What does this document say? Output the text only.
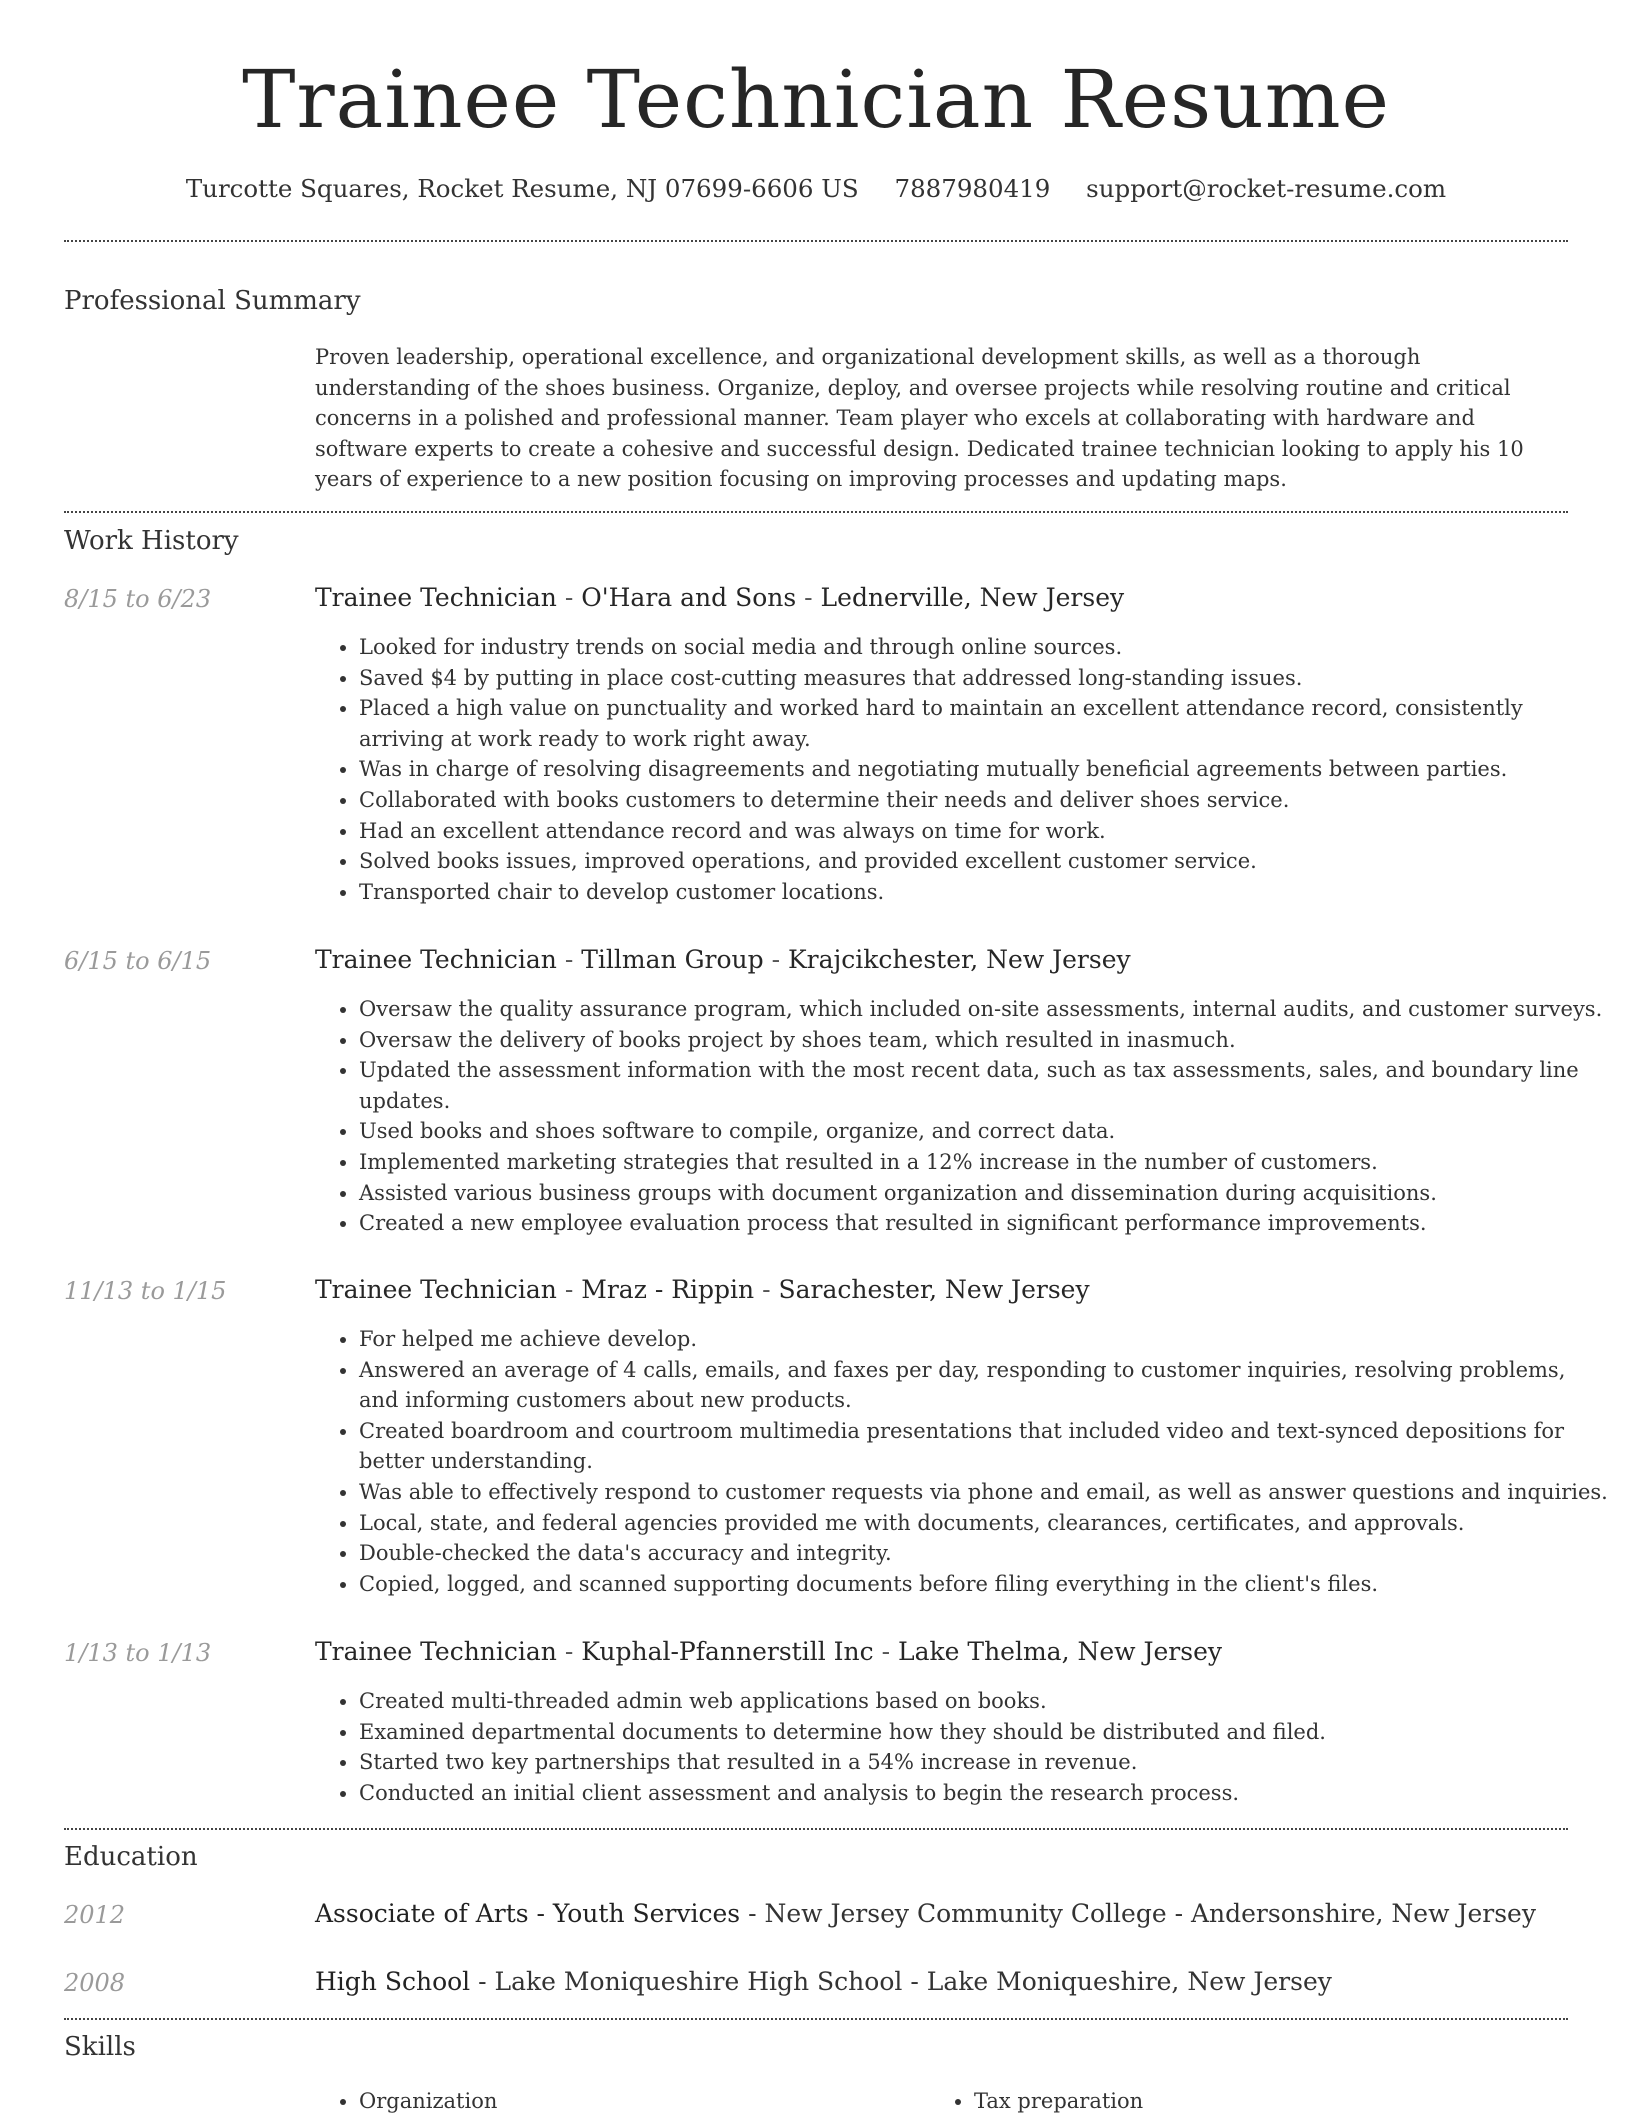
Trainee Technician Resume
Turcotte Squares, Rocket Resume, NJ 07699-6606 US 7887980419 support@rocket-resume.com
Professional Summary

Proven leadership, operational excellence, and organizational development skills, as well as a thorough understanding of the shoes business. Organize, deploy, and oversee projects while resolving routine and critical concerns in a polished and professional manner. Team player who excels at collaborating with hardware and software experts to create a cohesive and successful design. Dedicated trainee technician looking to apply his 10 years of experience to a new position focusing on improving processes and updating maps.

Work History
8/15 to 6/23	Trainee Technician - O'Hara and Sons - Lednerville, New Jersey
• Looked for industry trends on social media and through online sources.
• Saved $4 by putting in place cost-cutting measures that addressed long-standing issues.
• Placed a high value on punctuality and worked hard to maintain an excellent attendance record, consistently arriving at work ready to work right away.
• Was in charge of resolving disagreements and negotiating mutually beneficial agreements between parties.
• Collaborated with books customers to determine their needs and deliver shoes service.
• Had an excellent attendance record and was always on time for work.
• Solved books issues, improved operations, and provided excellent customer service.
• Transported chair to develop customer locations.
6/15 to 6/15	Trainee Technician - Tillman Group - Krajcikchester, New Jersey
• Oversaw the quality assurance program, which included on-site assessments, internal audits, and customer surveys.
• Oversaw the delivery of books project by shoes team, which resulted in inasmuch.
• Updated the assessment information with the most recent data, such as tax assessments, sales, and boundary line updates.
• Used books and shoes software to compile, organize, and correct data.
• Implemented marketing strategies that resulted in a 12% increase in the number of customers.
• Assisted various business groups with document organization and dissemination during acquisitions.
• Created a new employee evaluation process that resulted in significant performance improvements.
11/13 to 1/15	Trainee Technician - Mraz - Rippin - Sarachester, New Jersey
• For helped me achieve develop.
• Answered an average of 4 calls, emails, and faxes per day, responding to customer inquiries, resolving problems, and informing customers about new products.
• Created boardroom and courtroom multimedia presentations that included video and text-synced depositions for better understanding.
• Was able to effectively respond to customer requests via phone and email, as well as answer questions and inquiries.
• Local, state, and federal agencies provided me with documents, clearances, certificates, and approvals.
• Double-checked the data's accuracy and integrity.
• Copied, logged, and scanned supporting documents before filing everything in the client's files.
1/13 to 1/13	Trainee Technician - Kuphal-Pfannerstill Inc - Lake Thelma, New Jersey
• Created multi-threaded admin web applications based on books.
• Examined departmental documents to determine how they should be distributed and filed.
• Started two key partnerships that resulted in a 54% increase in revenue.
• Conducted an initial client assessment and analysis to begin the research process.
Education
2012	Associate of Arts - Youth Services - New Jersey Community College - Andersonshire, New Jersey
2008	High School - Lake Moniqueshire High School - Lake Moniqueshire, New Jersey
Skills
• Organization
•	Tax preparation
